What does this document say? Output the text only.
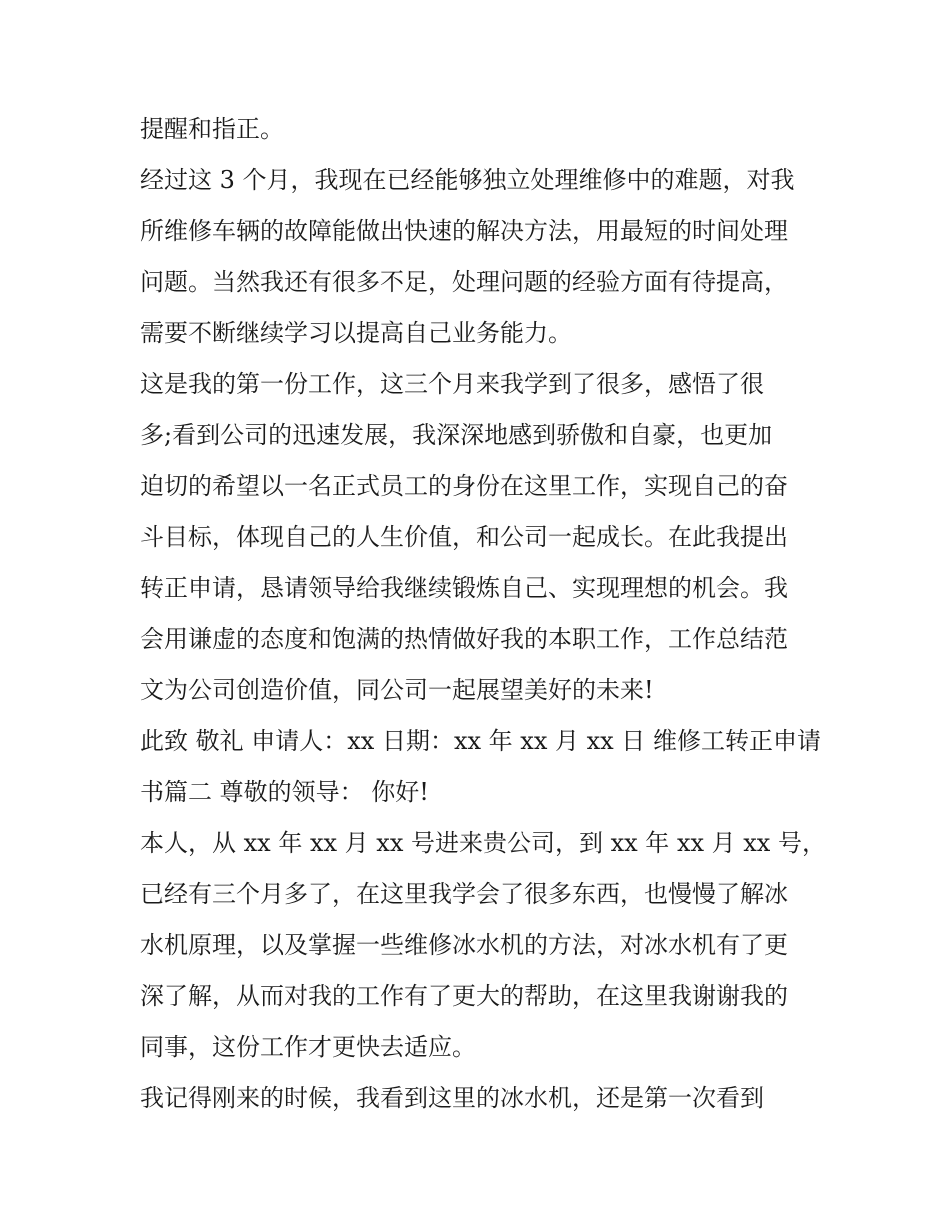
提醒和指正。
经过这 3 个月，我现在已经能够独立处理维修中的难题，对我
所维修车辆的故障能做出快速的解决方法，用最短的时间处理
问题。当然我还有很多不足，处理问题的经验方面有待提高，
需要不断继续学习以提高自己业务能力。
这是我的第一份工作，这三个月来我学到了很多，感悟了很
多;看到公司的迅速发展，我深深地感到骄傲和自豪，也更加
迫切的希望以一名正式员工的身份在这里工作，实现自己的奋
斗目标，体现自己的人生价值，和公司一起成长。在此我提出
转正申请，恳请领导给我继续锻炼自己、实现理想的机会。我
会用谦虚的态度和饱满的热情做好我的本职工作，工作总结范
文为公司创造价值，同公司一起展望美好的未来!
此致 敬礼 申请人：xx 日期：xx 年 xx 月 xx 日 维修工转正申请
书篇二 尊敬的领导： 你好!
本人，从 xx 年 xx 月 xx 号进来贵公司，到 xx 年 xx 月 xx 号，
已经有三个月多了，在这里我学会了很多东西，也慢慢了解冰
水机原理，以及掌握一些维修冰水机的方法，对冰水机有了更
深了解，从而对我的工作有了更大的帮助，在这里我谢谢我的
同事，这份工作才更快去适应。
我记得刚来的时候，我看到这里的冰水机，还是第一次看到
